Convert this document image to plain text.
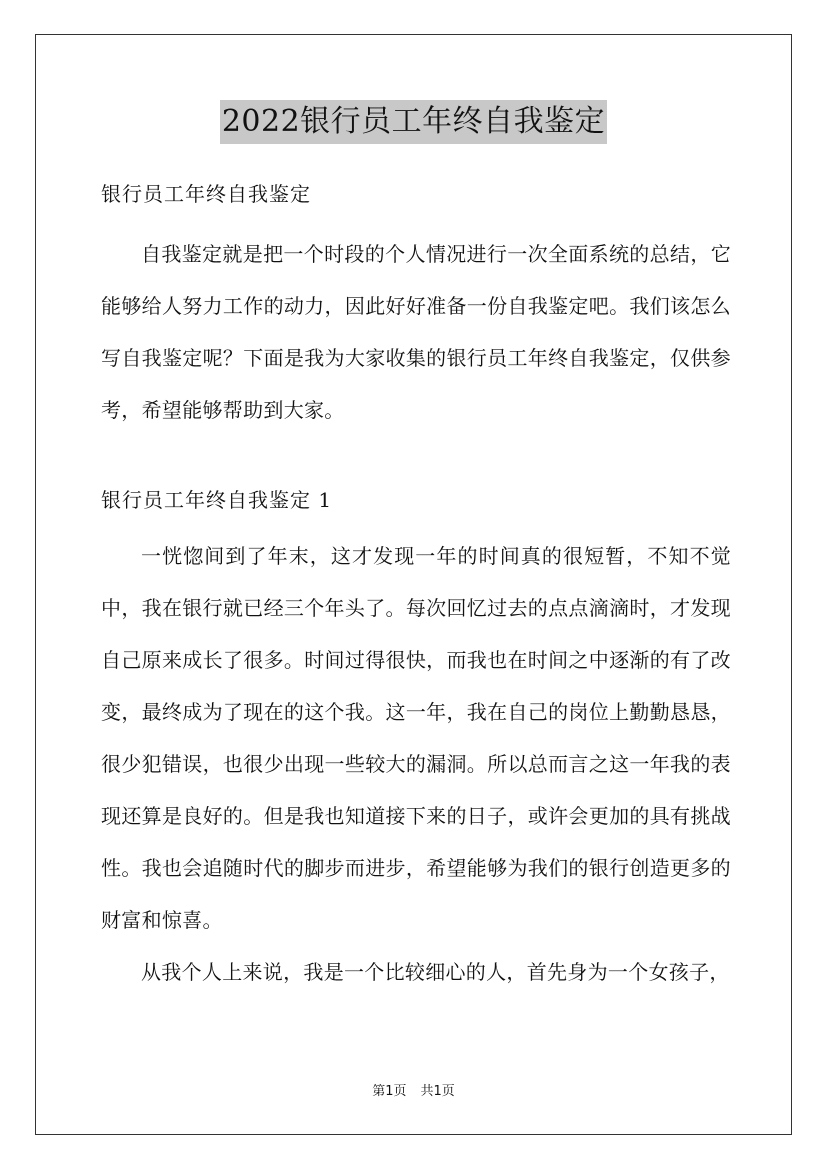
2022银行员工年终自我鉴定

银行员工年终自我鉴定

自我鉴定就是把一个时段的个人情况进行一次全面系统的总结，它能够给人努力工作的动力，因此好好准备一份自我鉴定吧。我们该怎么写自我鉴定呢？下面是我为大家收集的银行员工年终自我鉴定，仅供参考，希望能够帮助到大家。

银行员工年终自我鉴定 1

一恍惚间到了年末，这才发现一年的时间真的很短暂，不知不觉中，我在银行就已经三个年头了。每次回忆过去的点点滴滴时，才发现自己原来成长了很多。时间过得很快，而我也在时间之中逐渐的有了改变，最终成为了现在的这个我。这一年，我在自己的岗位上勤勤恳恳，很少犯错误，也很少出现一些较大的漏洞。所以总而言之这一年我的表现还算是良好的。但是我也知道接下来的日子，或许会更加的具有挑战性。我也会追随时代的脚步而进步，希望能够为我们的银行创造更多的财富和惊喜。

从我个人上来说，我是一个比较细心的人，首先身为一个女孩子，

第1页 共1页
